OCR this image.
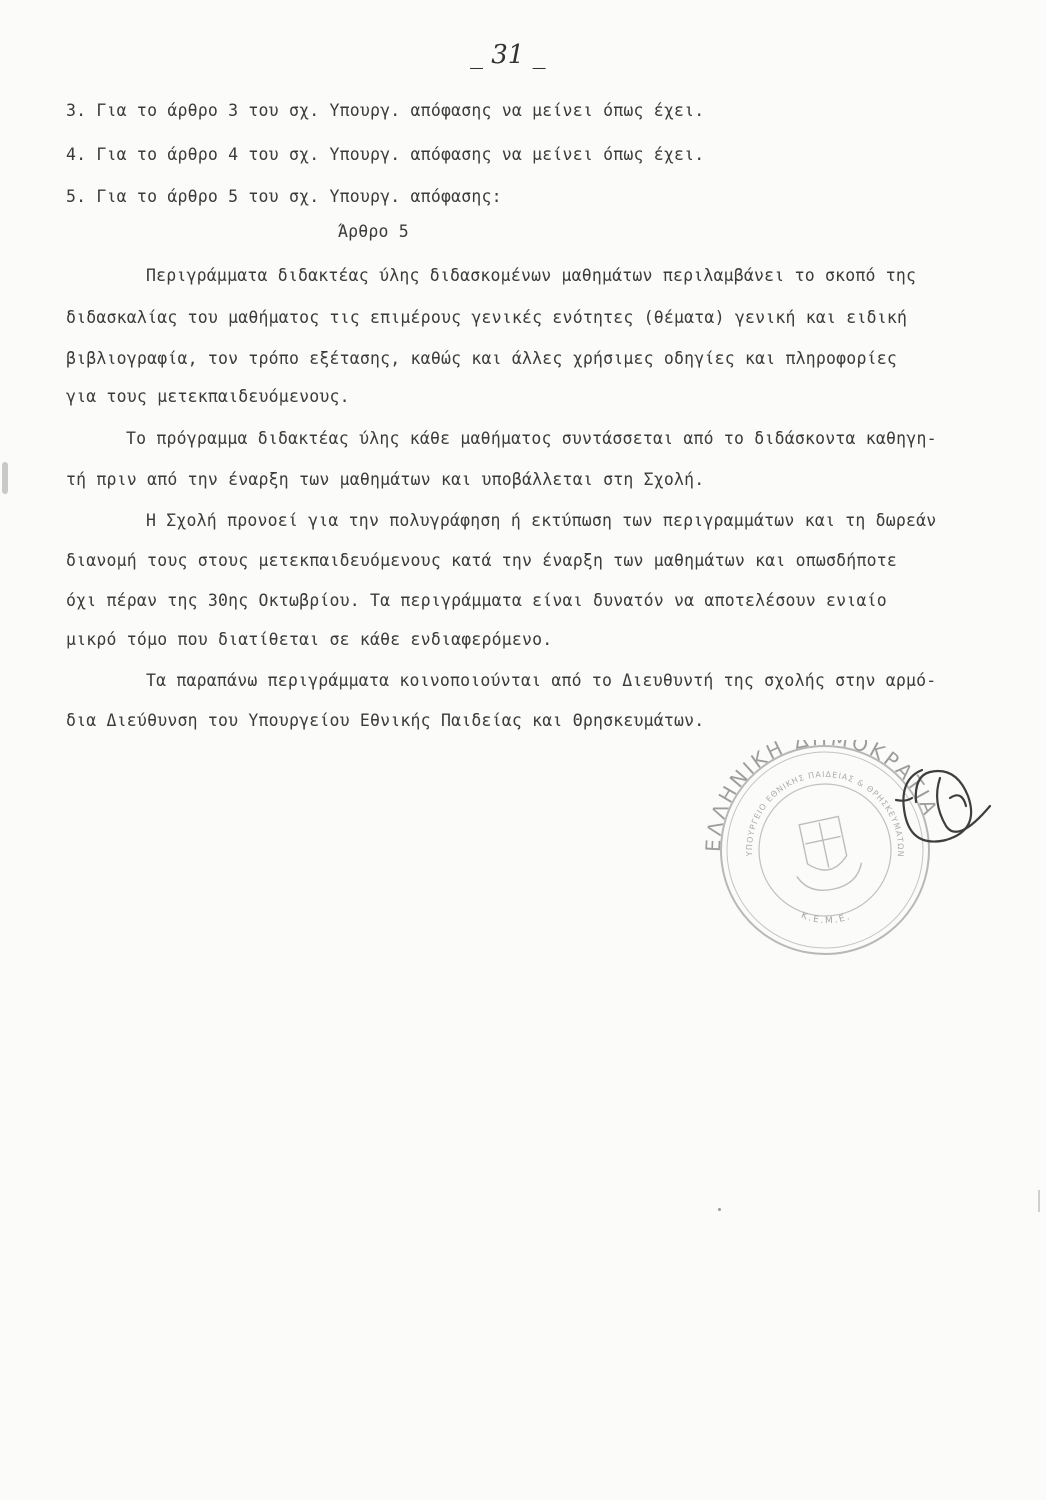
_ 31 _
3. Για το άρθρο 3 του σχ. Υπουργ. απόφασης να μείνει όπως έχει.
4. Για το άρθρο 4 του σχ. Υπουργ. απόφασης να μείνει όπως έχει.
5. Για το άρθρο 5 του σχ. Υπουργ. απόφασης:
Άρθρο 5
Περιγράμματα διδακτέας ύλης διδασκομένων μαθημάτων περιλαμβάνει το σκοπό της
διδασκαλίας του μαθήματος τις επιμέρους γενικές ενότητες (θέματα) γενική και ειδική
βιβλιογραφία, τον τρόπο εξέτασης, καθώς και άλλες χρήσιμες οδηγίες και πληροφορίες
για τους μετεκπαιδευόμενους.
Το πρόγραμμα διδακτέας ύλης κάθε μαθήματος συντάσσεται από το διδάσκοντα καθηγη-
τή πριν από την έναρξη των μαθημάτων και υποβάλλεται στη Σχολή.
Η Σχολή προνοεί για την πολυγράφηση ή εκτύπωση των περιγραμμάτων και τη δωρεάν
διανομή τους στους μετεκπαιδευόμενους κατά την έναρξη των μαθημάτων και οπωσδήποτε
όχι πέραν της 30ης Οκτωβρίου. Τα περιγράμματα είναι δυνατόν να αποτελέσουν ενιαίο
μικρό τόμο που διατίθεται σε κάθε ενδιαφερόμενο.
Τα παραπάνω περιγράμματα κοινοποιούνται από το Διευθυντή της σχολής στην αρμό-
δια Διεύθυνση του Υπουργείου Εθνικής Παιδείας και Θρησκευμάτων.
ΕΛΛΗΝΙΚΗ ΔΗΜΟΚΡΑΤΙΑ
ΥΠΟΥΡΓΕΙΟ ΕΘΝΙΚΗΣ ΠΑΙΔΕΙΑΣ & ΘΡΗΣΚΕΥΜΑΤΩΝ
Κ.Ε.Μ.Ε.
